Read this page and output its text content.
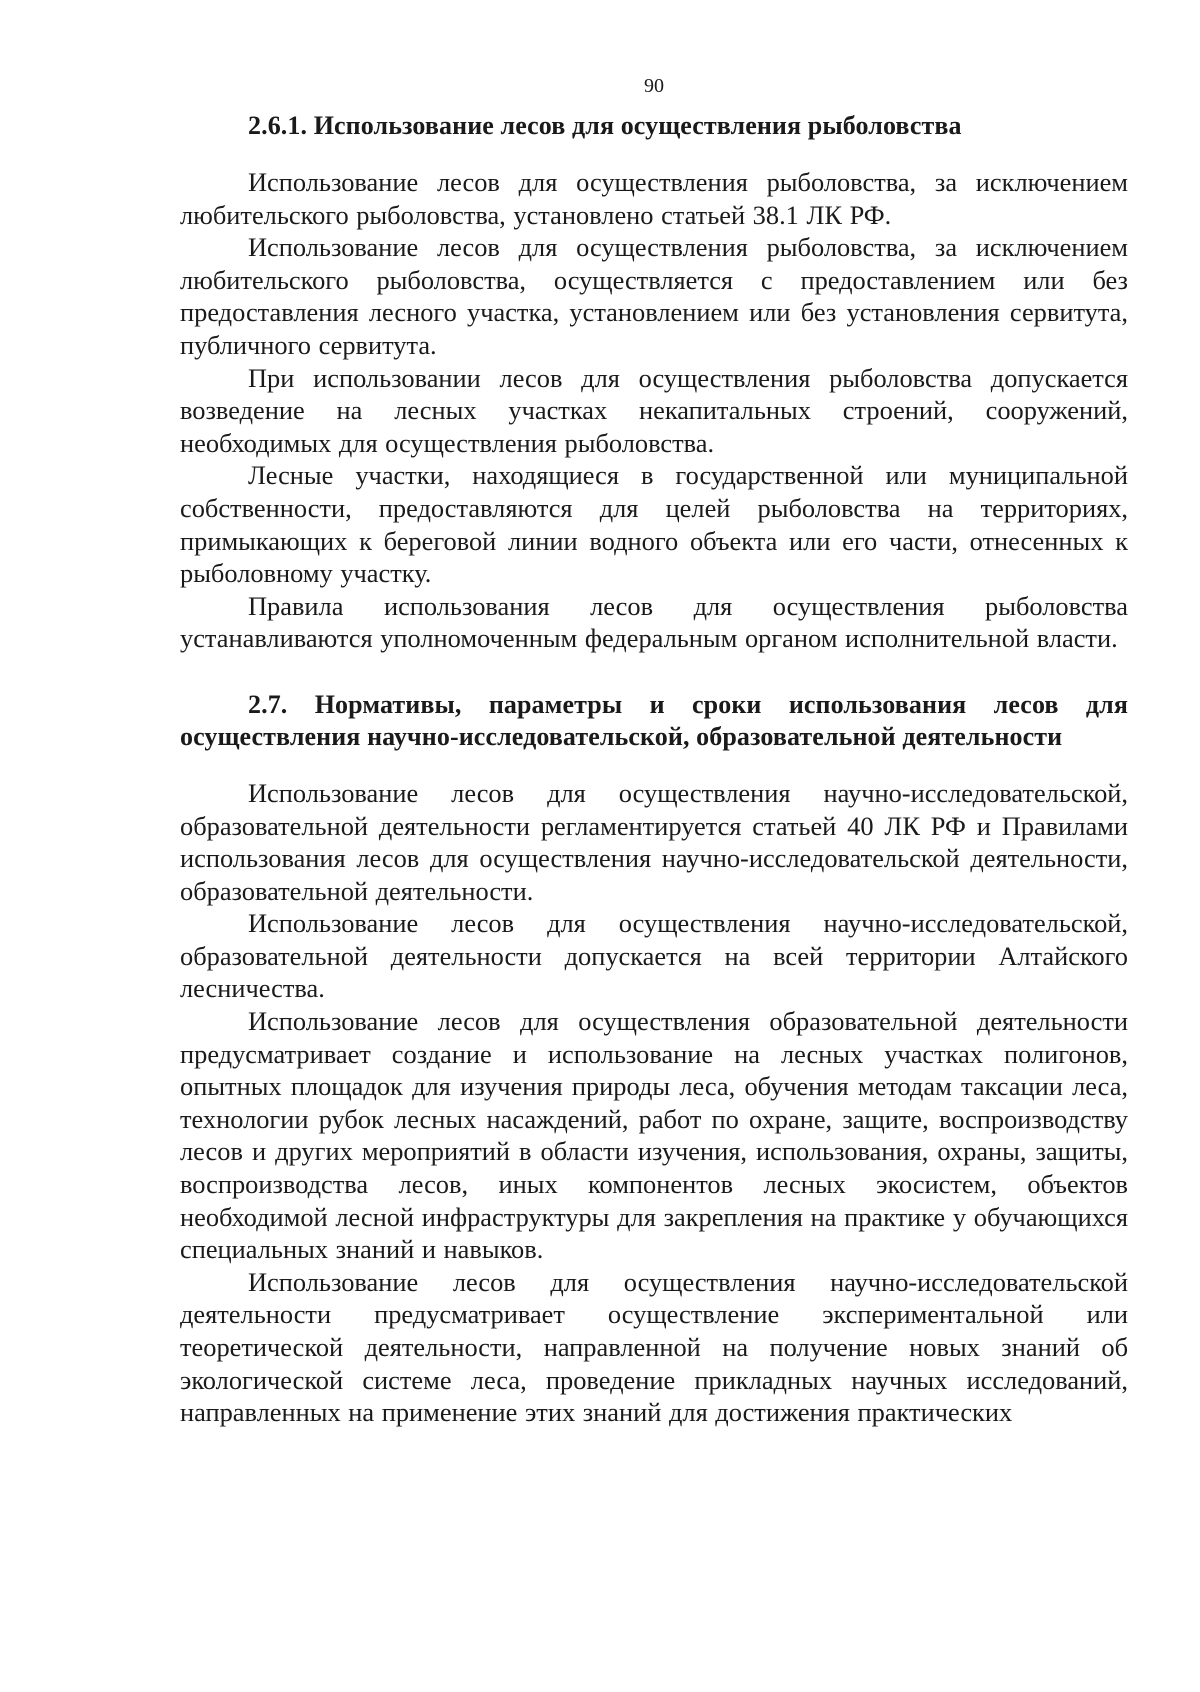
90
2.6.1. Использование лесов для осуществления рыболовства

Использование лесов для осуществления рыболовства, за исключением любительского рыболовства, установлено статьей 38.1 ЛК РФ.

Использование лесов для осуществления рыболовства, за исключением любительского рыболовства, осуществляется с предоставлением или без предоставления лесного участка, установлением или без установления сервитута, публичного сервитута.

При использовании лесов для осуществления рыболовства допускается возведение на лесных участках некапитальных строений, сооружений, необходимых для осуществления рыболовства.

Лесные участки, находящиеся в государственной или муниципальной собственности, предоставляются для целей рыболовства на территориях, примыкающих к береговой линии водного объекта или его части, отнесенных к рыболовному участку.

Правила использования лесов для осуществления рыболовства устанавливаются уполномоченным федеральным органом исполнительной власти.

2.7. Нормативы, параметры и сроки использования лесов для осуществления научно-исследовательской, образовательной деятельности

Использование лесов для осуществления научно-исследовательской, образовательной деятельности регламентируется статьей 40 ЛК РФ и Правилами использования лесов для осуществления научно-исследовательской деятельности, образовательной деятельности.

Использование лесов для осуществления научно-исследовательской, образовательной деятельности допускается на всей территории Алтайского лесничества.

Использование лесов для осуществления образовательной деятельности предусматривает создание и использование на лесных участках полигонов, опытных площадок для изучения природы леса, обучения методам таксации леса, технологии рубок лесных насаждений, работ по охране, защите, воспроизводству лесов и других мероприятий в области изучения, использования, охраны, защиты, воспроизводства лесов, иных компонентов лесных экосистем, объектов необходимой лесной инфраструктуры для закрепления на практике у обучающихся специальных знаний и навыков.

Использование лесов для осуществления научно-исследовательской деятельности предусматривает осуществление экспериментальной или теоретической деятельности, направленной на получение новых знаний об экологической системе леса, проведение прикладных научных исследований, направленных на применение этих знаний для достижения практических
